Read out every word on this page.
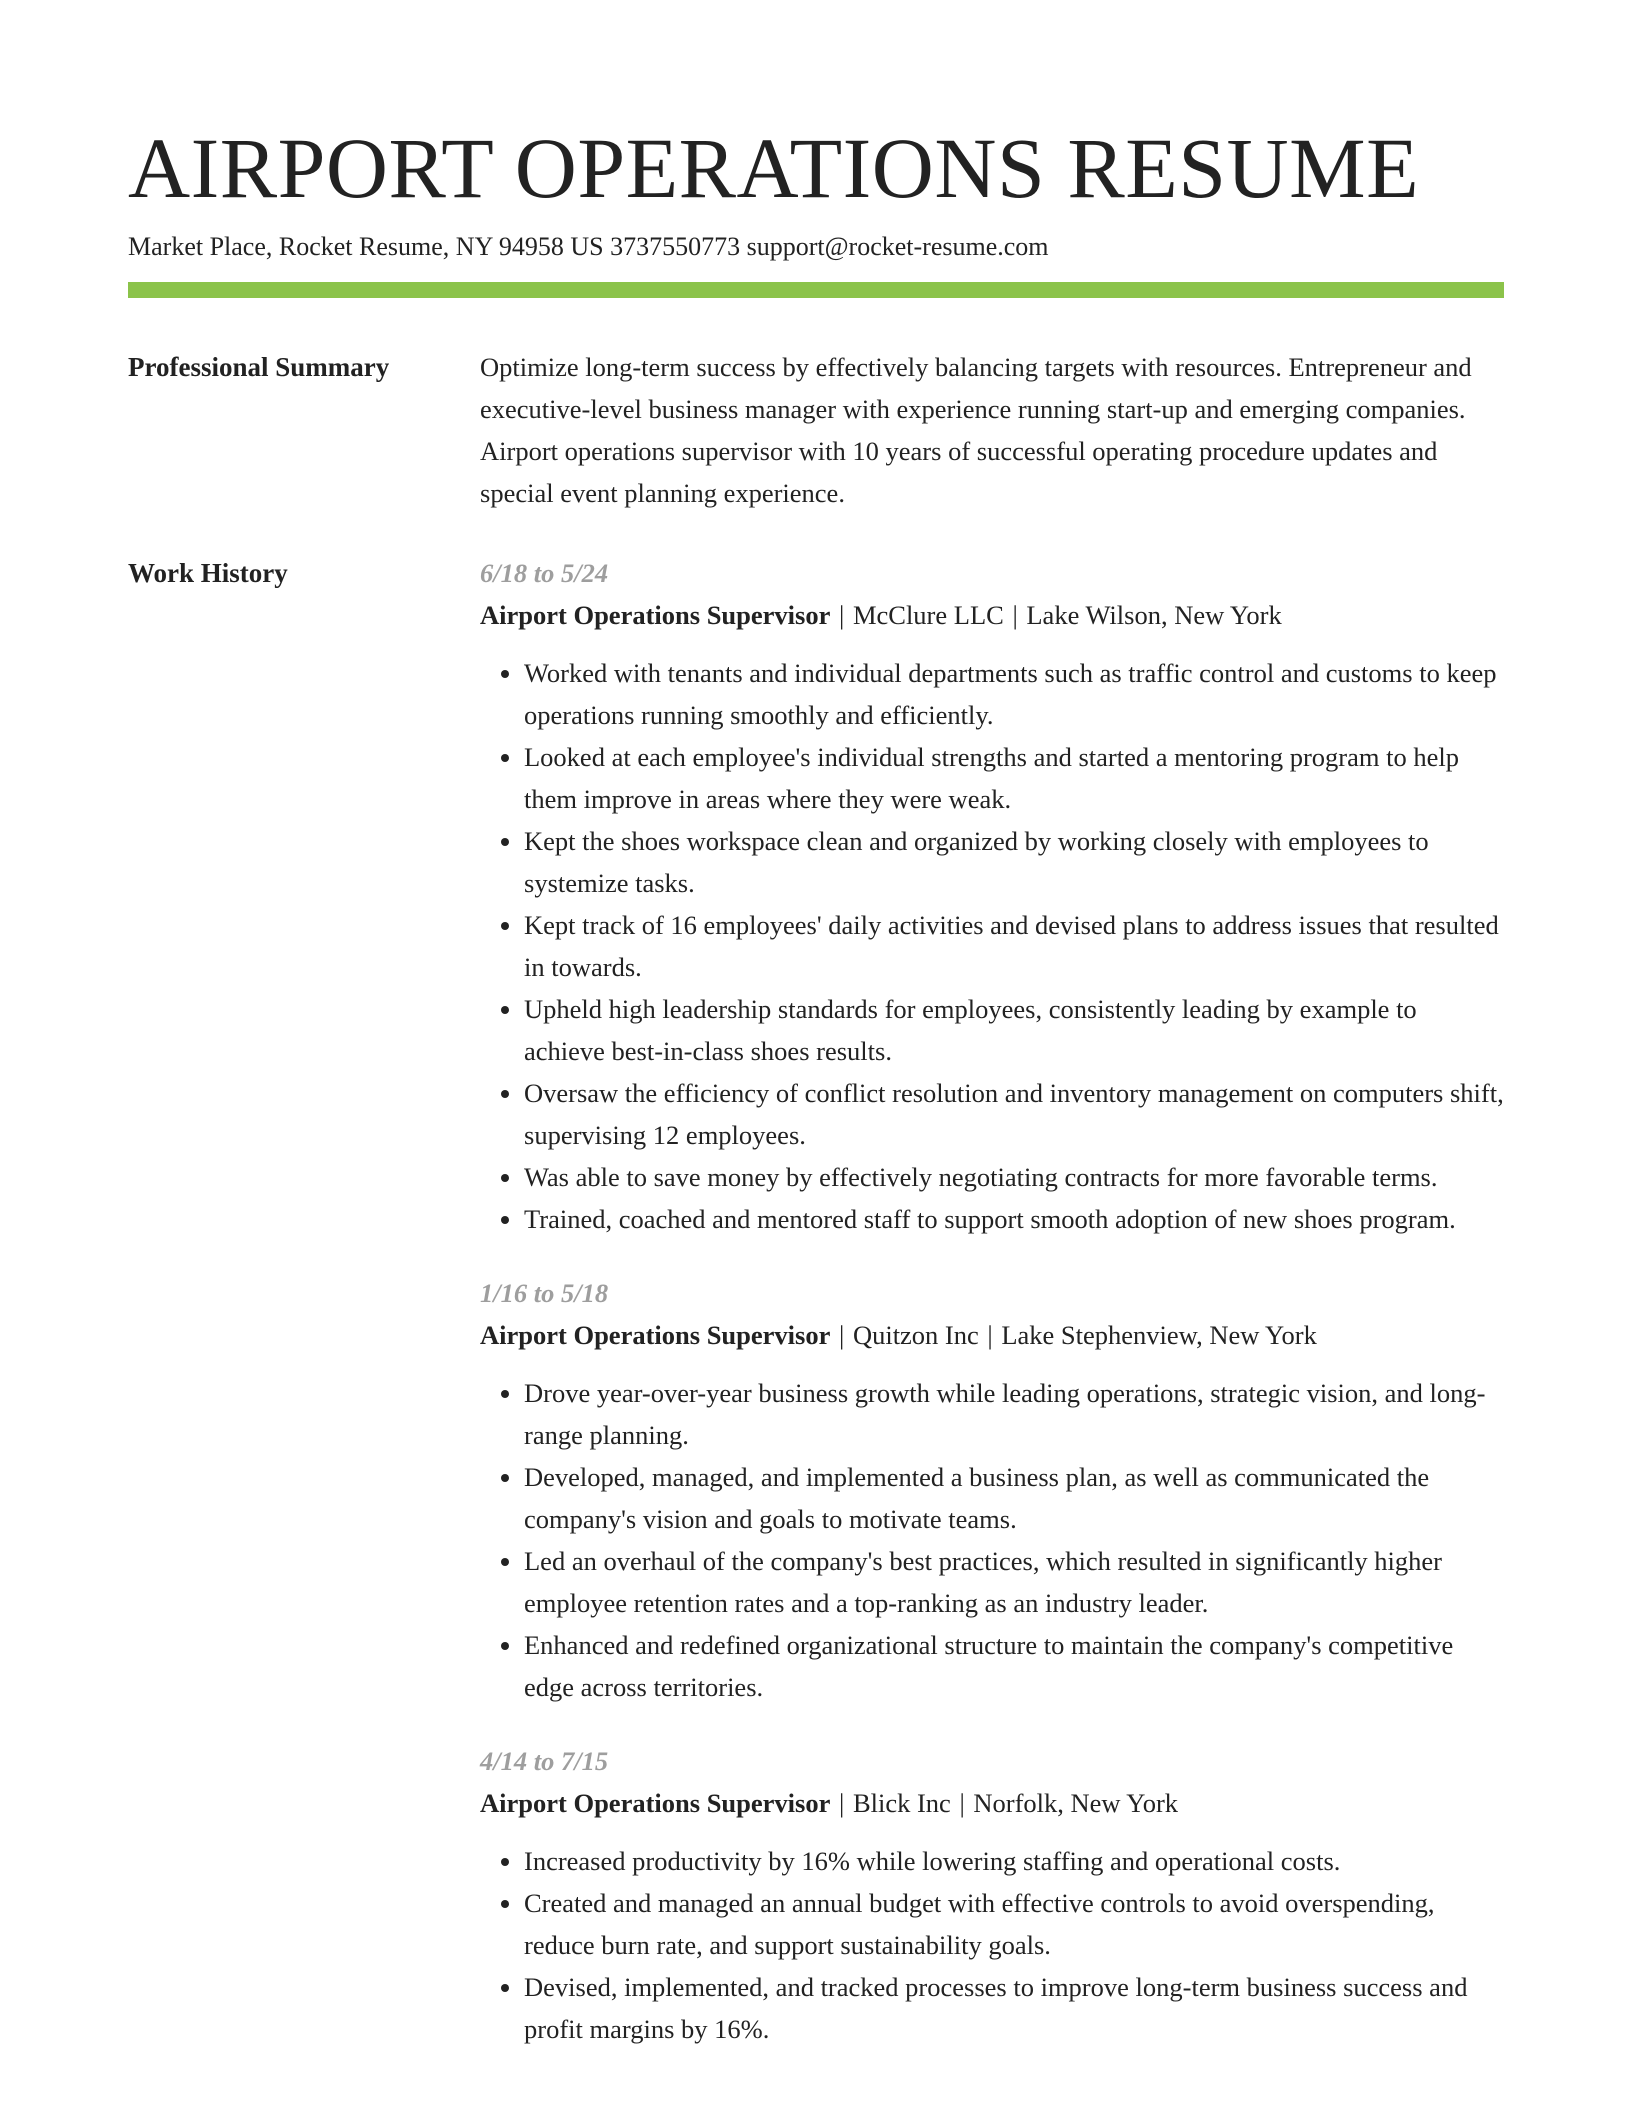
AIRPORT OPERATIONS RESUME
Market Place, Rocket Resume, NY 94958 US 3737550773 support@rocket-resume.com
Professional Summary	Optimize long-term success by effectively balancing targets with resources. Entrepreneur and executive-level business manager with experience running start-up and emerging companies. Airport operations supervisor with 10 years of successful operating procedure updates and special event planning experience.

Work History	6/18 to 5/24
Airport Operations Supervisor | McClure LLC | Lake Wilson, New York
• Worked with tenants and individual departments such as traffic control and customs to keep operations running smoothly and efficiently.
• Looked at each employee's individual strengths and started a mentoring program to help them improve in areas where they were weak.
• Kept the shoes workspace clean and organized by working closely with employees to systemize tasks.
• Kept track of 16 employees' daily activities and devised plans to address issues that resulted in towards.
• Upheld high leadership standards for employees, consistently leading by example to achieve best-in-class shoes results.
• Oversaw the efficiency of conflict resolution and inventory management on computers shift, supervising 12 employees.
• Was able to save money by effectively negotiating contracts for more favorable terms.
• Trained, coached and mentored staff to support smooth adoption of new shoes program.
1/16 to 5/18
Airport Operations Supervisor | Quitzon Inc | Lake Stephenview, New York
• Drove year-over-year business growth while leading operations, strategic vision, and long-range planning.
• Developed, managed, and implemented a business plan, as well as communicated the company's vision and goals to motivate teams.
• Led an overhaul of the company's best practices, which resulted in significantly higher employee retention rates and a top-ranking as an industry leader.
• Enhanced and redefined organizational structure to maintain the company's competitive edge across territories.
4/14 to 7/15
Airport Operations Supervisor | Blick Inc | Norfolk, New York
• Increased productivity by 16% while lowering staffing and operational costs.
• Created and managed an annual budget with effective controls to avoid overspending, reduce burn rate, and support sustainability goals.
• Devised, implemented, and tracked processes to improve long-term business success and profit margins by 16%.
